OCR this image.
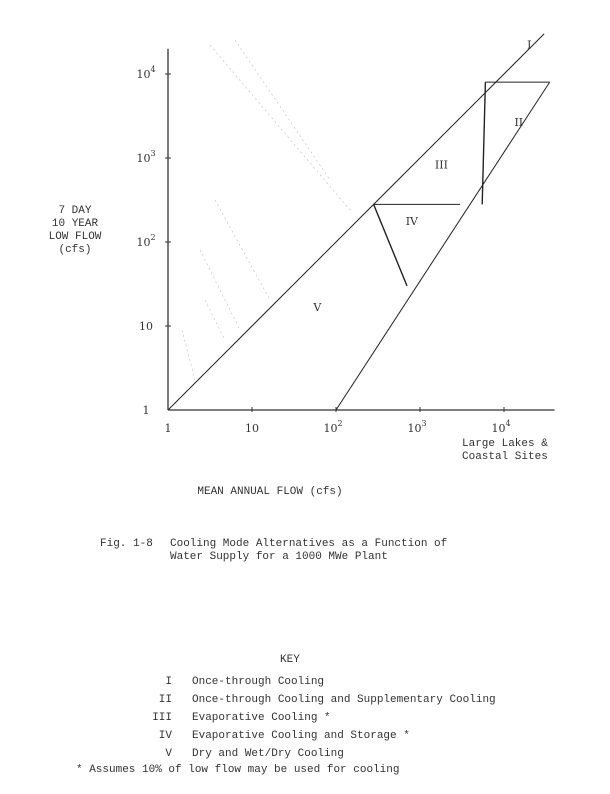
1	10	$10^2$	$10^3$	$10^4$
1
10
$10^2$
$10^3$
$10^4$
I
II
III
IV
V
7 DAY
10 YEAR
LOW FLOW
(cfs)
Large Lakes &
Coastal Sites
MEAN ANNUAL FLOW (cfs)
Fig. 1-8 Cooling Mode Alternatives as a Function of
Water Supply for a 1000 MWe Plant
KEY
I Once-through Cooling
II Once-through Cooling and Supplementary Cooling
III Evaporative Cooling *
IV Evaporative Cooling and Storage *
V Dry and Wet/Dry Cooling
* Assumes 10% of low flow may be used for cooling
